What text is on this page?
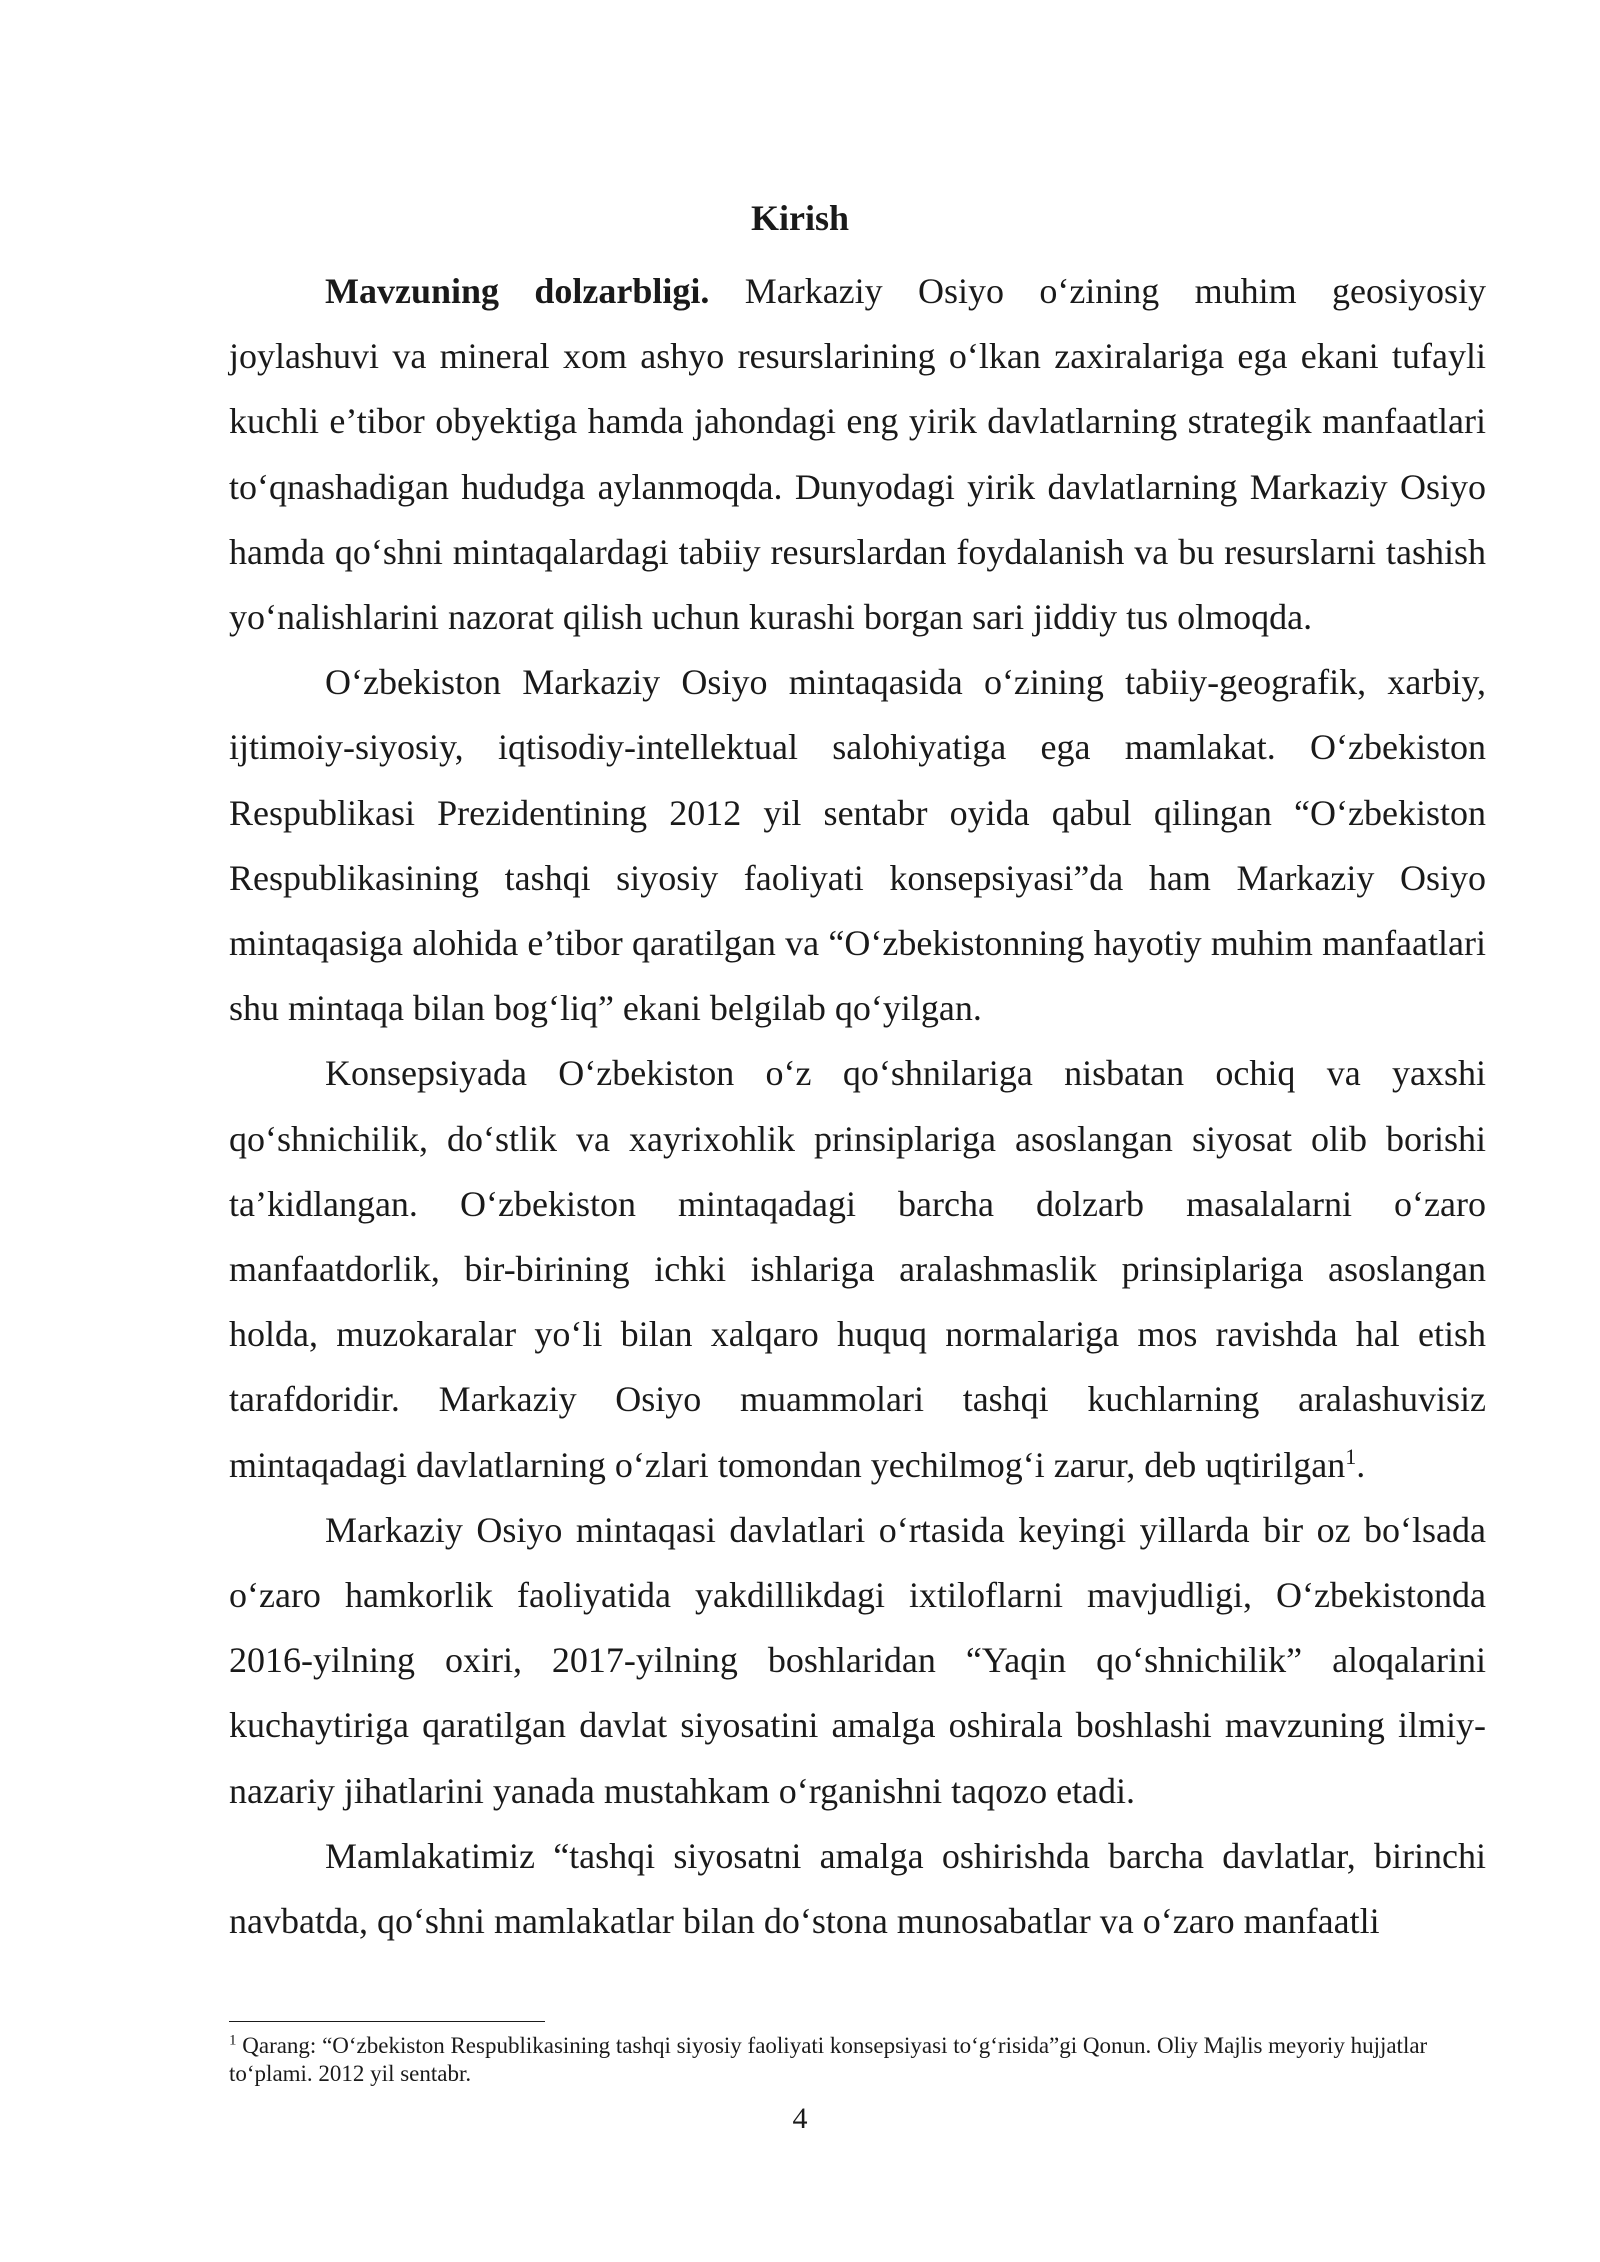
Kirish

Mavzuning dolzarbligi. Markaziy Osiyo o‘zining muhim geosiyosiy joylashuvi va mineral xom ashyo resurslarining o‘lkan zaxiralariga ega ekani tufayli kuchli e’tibor obyektiga hamda jahondagi eng yirik davlatlarning strategik manfaatlari to‘qnashadigan hududga aylanmoqda. Dunyodagi yirik davlatlarning Markaziy Osiyo hamda qo‘shni mintaqalardagi tabiiy resurslardan foydalanish va bu resurslarni tashish yo‘nalishlarini nazorat qilish uchun kurashi borgan sari jiddiy tus olmoqda.

O‘zbekiston Markaziy Osiyo mintaqasida o‘zining tabiiy-geografik, xarbiy, ijtimoiy-siyosiy, iqtisodiy-intellektual salohiyatiga ega mamlakat. O‘zbekiston Respublikasi Prezidentining 2012 yil sentabr oyida qabul qilingan “O‘zbekiston Respublikasining tashqi siyosiy faoliyati konsepsiyasi”da ham Markaziy Osiyo mintaqasiga alohida e’tibor qaratilgan va “O‘zbekistonning hayotiy muhim manfaatlari shu mintaqa bilan bog‘liq” ekani belgilab qo‘yilgan.

Konsepsiyada O‘zbekiston o‘z qo‘shnilariga nisbatan ochiq va yaxshi qo‘shnichilik, do‘stlik va xayrixohlik prinsiplariga asoslangan siyosat olib borishi ta’kidlangan. O‘zbekiston mintaqadagi barcha dolzarb masalalarni o‘zaro manfaatdorlik, bir-birining ichki ishlariga aralashmaslik prinsiplariga asoslangan holda, muzokaralar yo‘li bilan xalqaro huquq normalariga mos ravishda hal etish tarafdoridir. Markaziy Osiyo muammolari tashqi kuchlarning aralashuvisiz mintaqadagi davlatlarning o‘zlari tomondan yechilmog‘i zarur, deb uqtirilgan$^1$.

Markaziy Osiyo mintaqasi davlatlari o‘rtasida keyingi yillarda bir oz bo‘lsada o‘zaro hamkorlik faoliyatida yakdillikdagi ixtiloflarni mavjudligi, O‘zbekistonda 2016-yilning oxiri, 2017-yilning boshlaridan “Yaqin qo‘shnichilik” aloqalarini kuchaytiriga qaratilgan davlat siyosatini amalga oshirala boshlashi mavzuning ilmiy-nazariy jihatlarini yanada mustahkam o‘rganishni taqozo etadi.

Mamlakatimiz “tashqi siyosatni amalga oshirishda barcha davlatlar, birinchi navbatda, qo‘shni mamlakatlar bilan do‘stona munosabatlar va o‘zaro manfaatli

$^1$ Qarang: “O‘zbekiston Respublikasining tashqi siyosiy faoliyati konsepsiyasi to‘g‘risida”gi Qonun. Oliy Majlis meyoriy hujjatlar to‘plami. 2012 yil sentabr.

4
